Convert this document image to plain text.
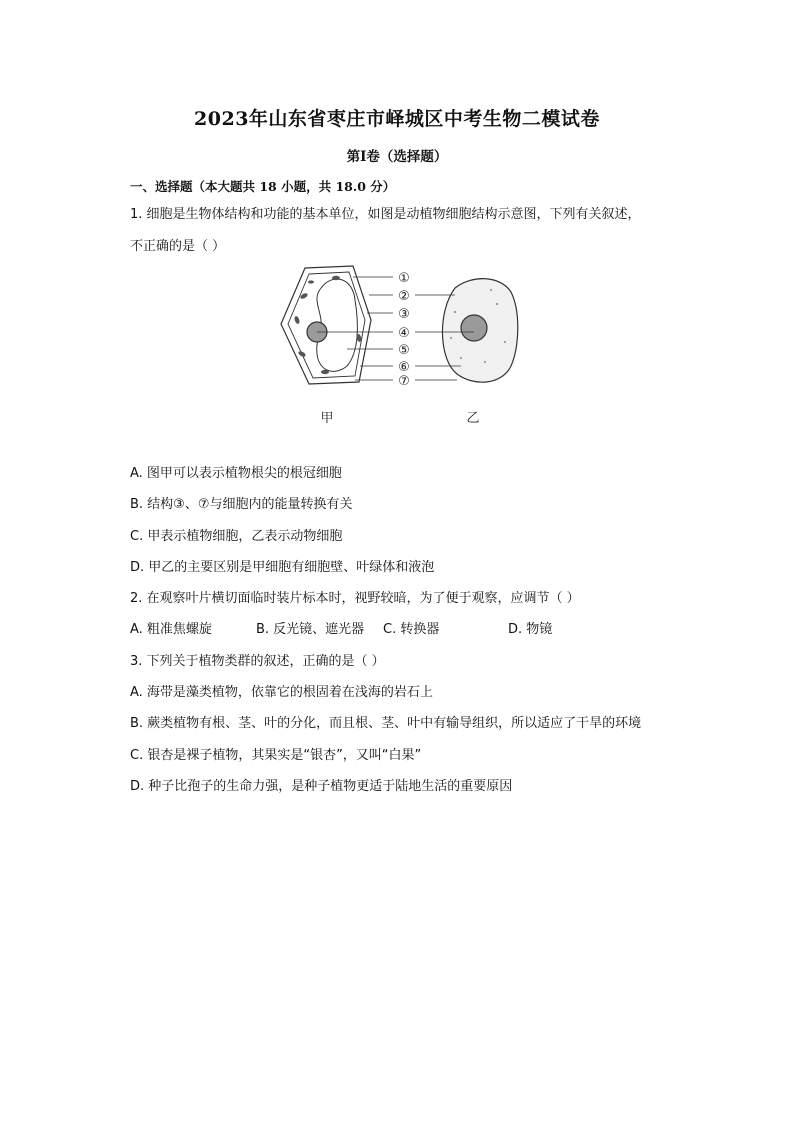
2023年山东省枣庄市峄城区中考生物二模试卷
第Ⅰ卷（选择题）
一、选择题（本大题共 18 小题，共 18.0 分）
1. 细胞是生物体结构和功能的基本单位，如图是动植物细胞结构示意图，下列有关叙述，
不正确的是（ ）
①
②
③
④
⑤
⑥
⑦
甲	乙
A. 图甲可以表示植物根尖的根冠细胞
B. 结构③、⑦与细胞内的能量转换有关
C. 甲表示植物细胞，乙表示动物细胞
D. 甲乙的主要区别是甲细胞有细胞壁、叶绿体和液泡
2. 在观察叶片横切面临时装片标本时，视野较暗，为了便于观察，应调节（ ）
A. 粗准焦螺旋	B. 反光镜、遮光器 C. 转换器	D. 物镜
3. 下列关于植物类群的叙述，正确的是（ ）
A. 海带是藻类植物，依靠它的根固着在浅海的岩石上
B. 蕨类植物有根、茎、叶的分化，而且根、茎、叶中有输导组织，所以适应了干旱的环境
C. 银杏是裸子植物，其果实是“银杏”，又叫“白果”
D. 种子比孢子的生命力强，是种子植物更适于陆地生活的重要原因
